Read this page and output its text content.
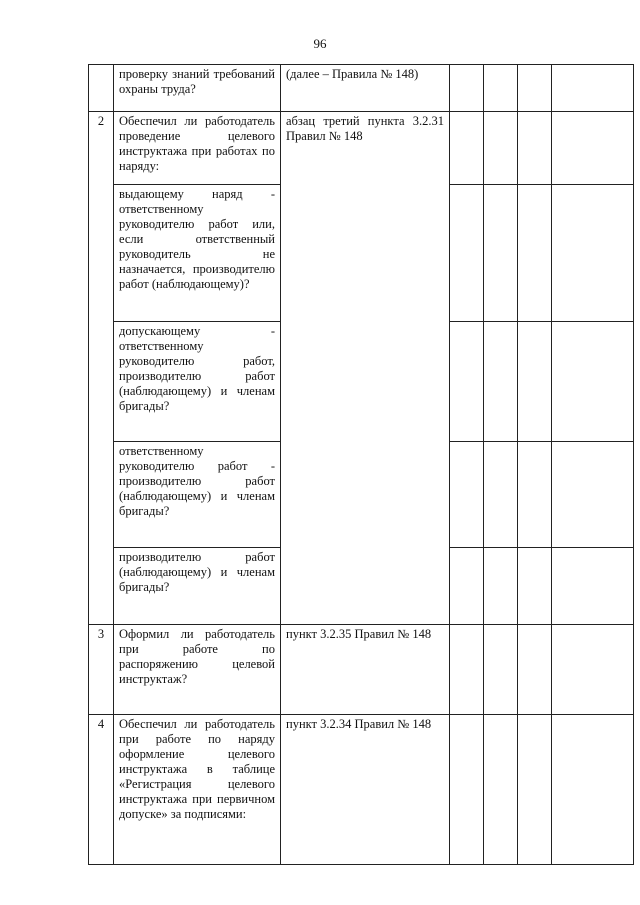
96
	проверку знаний требований охраны труда?	(далее – Правила № 148)				
2	Обеспечил ли работодатель проведение целевого инструктажа при работах по наряду:	абзац третий пункта 3.2.31 Правил № 148				
	выдающему наряд - ответственному руководителю работ или, если ответственный руководитель не назначается, производителю работ (наблюдающему)?					
	допускающему - ответственному руководителю работ, производителю работ (наблюдающему) и членам бригады?					
	ответственному руководителю работ - производителю работ (наблюдающему) и членам бригады?					
	производителю работ (наблюдающему) и членам бригады?					
3	Оформил ли работодатель при работе по распоряжению целевой инструктаж?	пункт 3.2.35 Правил № 148				
4	Обеспечил ли работодатель при работе по наряду оформление целевого инструктажа в таблице «Регистрация целевого инструктажа при первичном допуске» за подписями:	пункт 3.2.34 Правил № 148				
